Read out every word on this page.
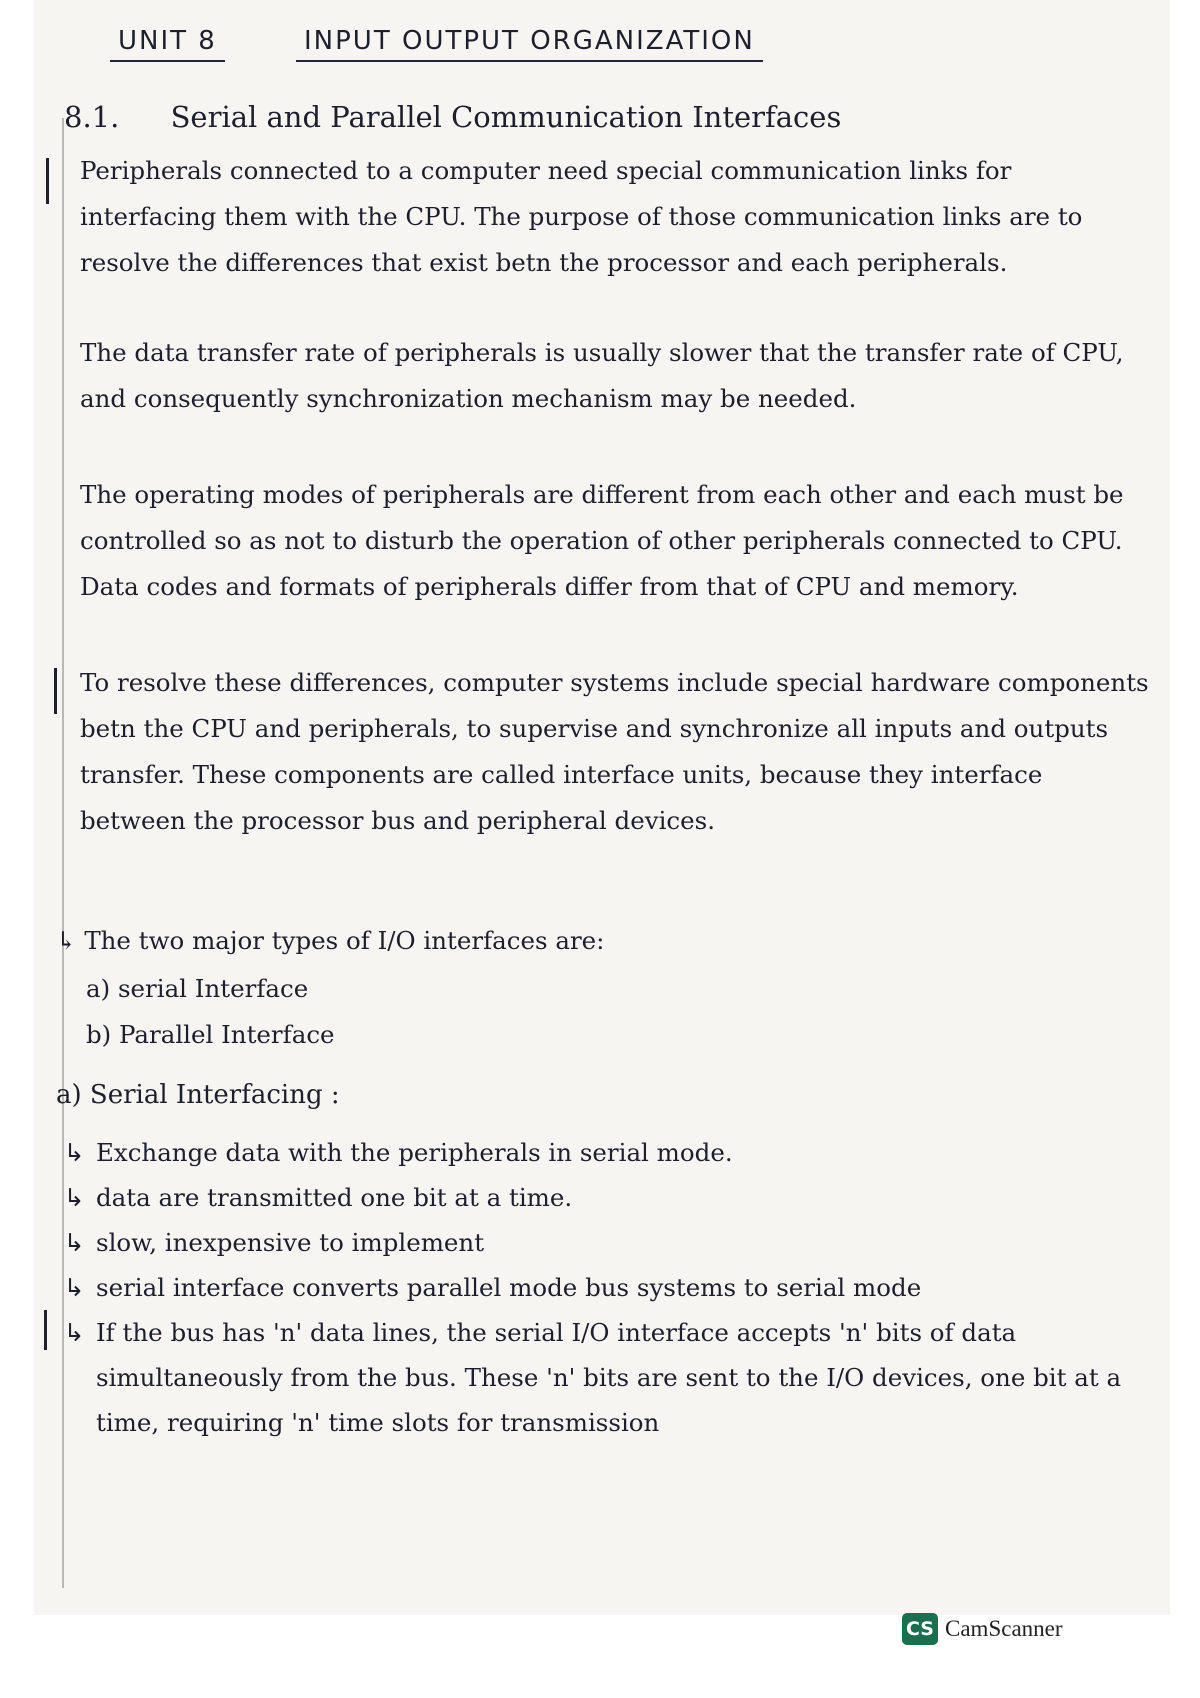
UNIT 8	INPUT OUTPUT ORGANIZATION
8.1. Serial and Parallel Communication Interfaces

Peripherals connected to a computer need special communication links for interfacing them with the CPU. The purpose of those communication links are to resolve the differences that exist betn the processor and each peripherals.

The data transfer rate of peripherals is usually slower that the transfer rate of CPU, and consequently synchronization mechanism may be needed.

The operating modes of peripherals are different from each other and each must be controlled so as not to disturb the operation of other peripherals connected to CPU. Data codes and formats of peripherals differ from that of CPU and memory.

To resolve these differences, computer systems include special hardware components betn the CPU and peripherals, to supervise and synchronize all inputs and outputs transfer. These components are called interface units, because they interface between the processor bus and peripheral devices.

↳ The two major types of I/O interfaces are:

a) serial Interface
b) Parallel Interface
a) Serial Interfacing :
↳ Exchange data with the peripherals in serial mode.
↳ data are transmitted one bit at a time.
↳ slow, inexpensive to implement
↳ serial interface converts parallel mode bus systems to serial mode
↳ If the bus has 'n' data lines, the serial I/O interface accepts 'n' bits of data simultaneously from the bus. These 'n' bits are sent to the I/O devices, one bit at a time, requiring 'n' time slots for transmission
CS CamScanner
